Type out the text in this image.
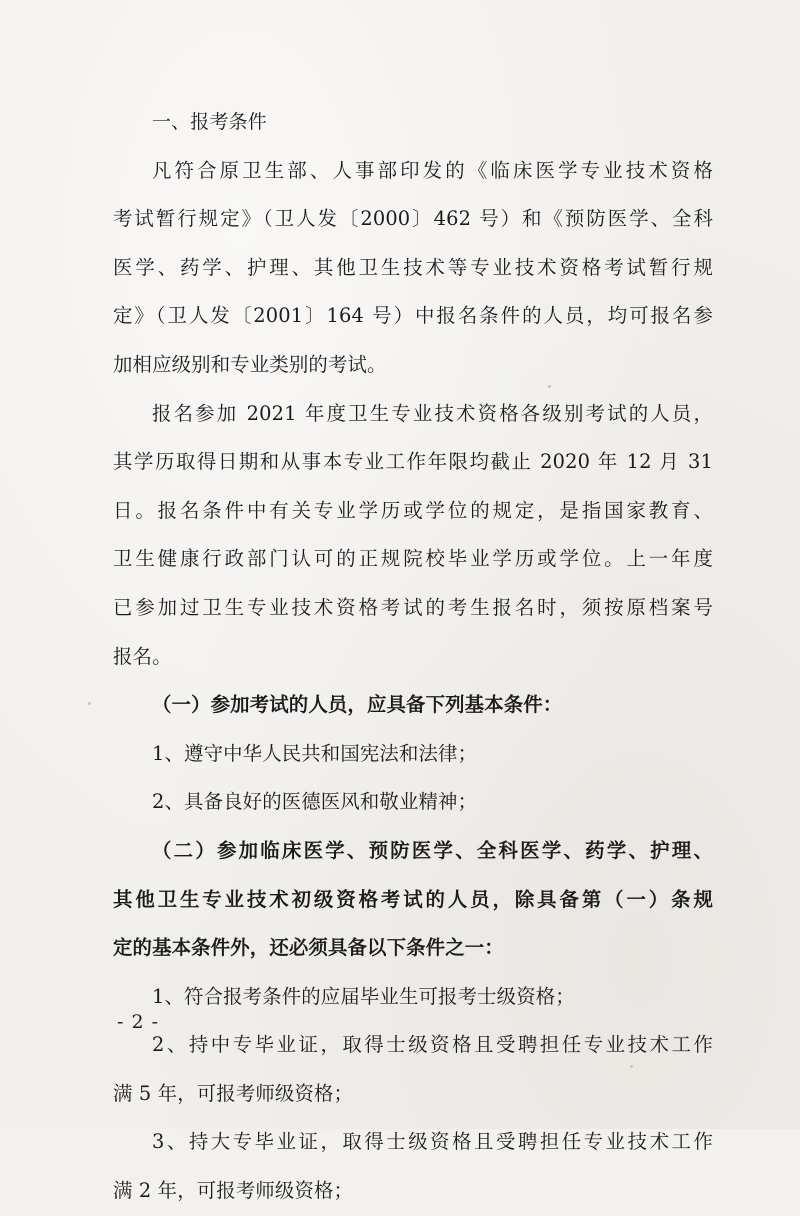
一、报考条件
凡符合原卫生部、人事部印发的《临床医学专业技术资格
考试暂行规定》（卫人发〔2000〕462 号）和《预防医学、全科
医学、药学、护理、其他卫生技术等专业技术资格考试暂行规
定》（卫人发〔2001〕164 号）中报名条件的人员，均可报名参
加相应级别和专业类别的考试。
报名参加 2021 年度卫生专业技术资格各级别考试的人员，
其学历取得日期和从事本专业工作年限均截止 2020 年 12 月 31
日。报名条件中有关专业学历或学位的规定，是指国家教育、
卫生健康行政部门认可的正规院校毕业学历或学位。上一年度
已参加过卫生专业技术资格考试的考生报名时，须按原档案号
报名。
（一）参加考试的人员，应具备下列基本条件：
1、遵守中华人民共和国宪法和法律；
2、具备良好的医德医风和敬业精神；
（二）参加临床医学、预防医学、全科医学、药学、护理、
其他卫生专业技术初级资格考试的人员，除具备第（一）条规
定的基本条件外，还必须具备以下条件之一：
1、符合报考条件的应届毕业生可报考士级资格；
2、持中专毕业证，取得士级资格且受聘担任专业技术工作
满 5 年，可报考师级资格；
3、持大专毕业证，取得士级资格且受聘担任专业技术工作
满 2 年，可报考师级资格；
- 2 -
